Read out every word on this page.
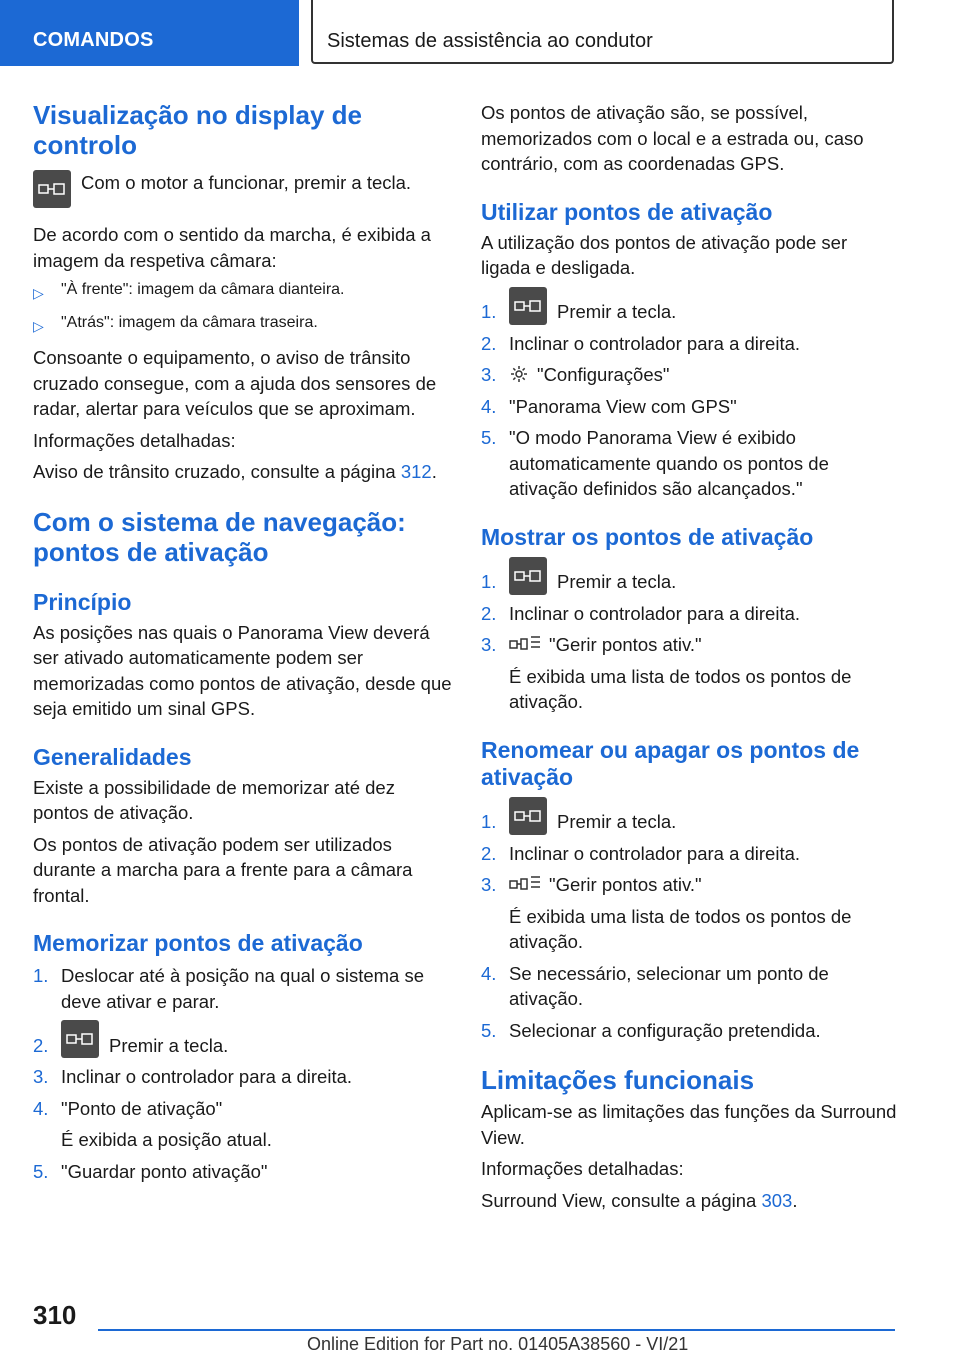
COMANDOS	Sistemas de assistência ao condutor
Visualização no display de controlo

Com o motor a funcionar, premir a tecla.

De acordo com o sentido da marcha, é exibida a imagem da respetiva câmara:

▷	"À frente": imagem da câmara dianteira.
▷	"Atrás": imagem da câmara traseira.

Consoante o equipamento, o aviso de trânsito cruzado consegue, com a ajuda dos sensores de radar, alertar para veículos que se aproximam.

Informações detalhadas:

Aviso de trânsito cruzado, consulte a página 312.

Com o sistema de navegação: pontos de ativação
Princípio

As posições nas quais o Panorama View deverá ser ativado automaticamente podem ser memorizadas como pontos de ativação, desde que seja emitido um sinal GPS.

Generalidades

Existe a possibilidade de memorizar até dez pontos de ativação.

Os pontos de ativação podem ser utilizados durante a marcha para a frente para a câmara frontal.

Memorizar pontos de ativação
1. Deslocar até à posição na qual o sistema se deve ativar e parar.
2.	Premir a tecla.
3. Inclinar o controlador para a direita.
4. "Ponto de ativação"
É exibida a posição atual.
5. "Guardar ponto ativação"

Os pontos de ativação são, se possível, memorizados com o local e a estrada ou, caso contrário, com as coordenadas GPS.

Utilizar pontos de ativação

A utilização dos pontos de ativação pode ser ligada e desligada.

1.	Premir a tecla.
2. Inclinar o controlador para a direita.
3.	"Configurações"
4. "Panorama View com GPS"
5. "O modo Panorama View é exibido automaticamente quando os pontos de ativação definidos são alcançados."
Mostrar os pontos de ativação
1.	Premir a tecla.
2. Inclinar o controlador para a direita.
3.	"Gerir pontos ativ."
É exibida uma lista de todos os pontos de ativação.
Renomear ou apagar os pontos de ativação
1.	Premir a tecla.
2. Inclinar o controlador para a direita.
3.	"Gerir pontos ativ."
É exibida uma lista de todos os pontos de ativação.
4. Se necessário, selecionar um ponto de ativação.
5. Selecionar a configuração pretendida.
Limitações funcionais

Aplicam-se as limitações das funções da Surround View.

Informações detalhadas:

Surround View, consulte a página 303.

310
Online Edition for Part no. 01405A38560 - VI/21
